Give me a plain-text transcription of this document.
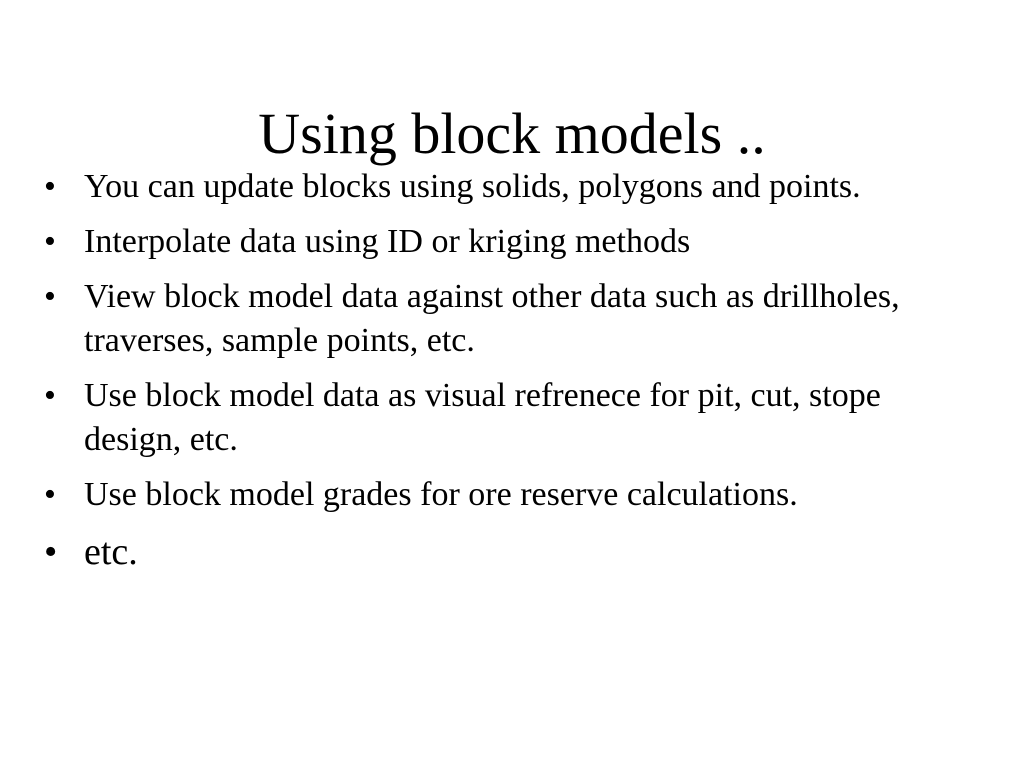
Using block models ..
• You can update blocks using solids, polygons and points.
• Interpolate data using ID or kriging methods
• View block model data against other data such as drillholes, traverses, sample points, etc.
• Use block model data as visual refrenece for pit, cut, stope design, etc.
• Use block model grades for ore reserve calculations.
• etc.
